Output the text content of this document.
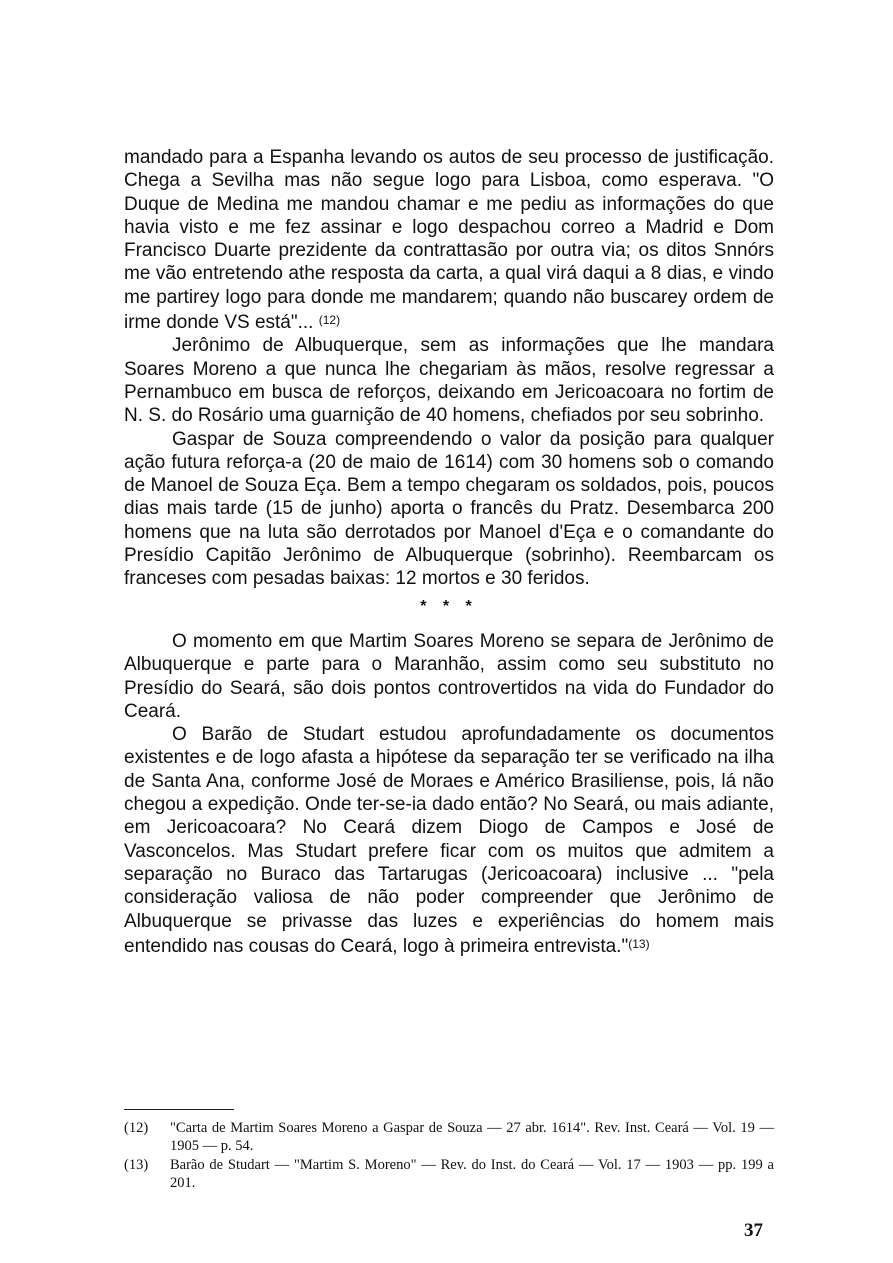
mandado para a Espanha levando os autos de seu processo de justificação. Chega a Sevilha mas não segue logo para Lisboa, como esperava. "O Duque de Medina me mandou chamar e me pediu as informações do que havia visto e me fez assinar e logo despachou correo a Madrid e Dom Francisco Duarte prezidente da contrattasão por outra via; os ditos Snnórs me vão entretendo athe resposta da carta, a qual virá daqui a 8 dias, e vindo me partirey logo para donde me mandarem; quando não buscarey ordem de irme donde VS está"... $^{(12)}$

Jerônimo de Albuquerque, sem as informações que lhe mandara Soares Moreno a que nunca lhe chegariam às mãos, resolve regressar a Pernambuco em busca de reforços, deixando em Jericoacoara no fortim de N. S. do Rosário uma guarnição de 40 homens, chefiados por seu sobrinho.

Gaspar de Souza compreendendo o valor da posição para qualquer ação futura reforça-a (20 de maio de 1614) com 30 homens sob o comando de Manoel de Souza Eça. Bem a tempo chegaram os soldados, pois, poucos dias mais tarde (15 de junho) aporta o francês du Pratz. Desembarca 200 homens que na luta são derrotados por Manoel d'Eça e o comandante do Presídio Capitão Jerônimo de Albuquerque (sobrinho). Reembarcam os franceses com pesadas baixas: 12 mortos e 30 feridos.

* * *

O momento em que Martim Soares Moreno se separa de Jerônimo de Albuquerque e parte para o Maranhão, assim como seu substituto no Presídio do Seará, são dois pontos controvertidos na vida do Fundador do Ceará.

O Barão de Studart estudou aprofundadamente os documentos existentes e de logo afasta a hipótese da separação ter se verificado na ilha de Santa Ana, conforme José de Moraes e Américo Brasiliense, pois, lá não chegou a expedição. Onde ter-se-ia dado então? No Seará, ou mais adiante, em Jericoacoara? No Ceará dizem Diogo de Campos e José de Vasconcelos. Mas Studart prefere ficar com os muitos que admitem a separação no Buraco das Tartarugas (Jericoacoara) inclusive ... "pela consideração valiosa de não poder compreender que Jerônimo de Albuquerque se privasse das luzes e experiências do homem mais entendido nas cousas do Ceará, logo à primeira entrevista."$^{(13)}$

(12)	"Carta de Martim Soares Moreno a Gaspar de Souza — 27 abr. 1614". Rev. Inst. Ceará — Vol. 19 — 1905 — p. 54.
(13)	Barão de Studart — "Martim S. Moreno" — Rev. do Inst. do Ceará — Vol. 17 — 1903 — pp. 199 a 201.
37
